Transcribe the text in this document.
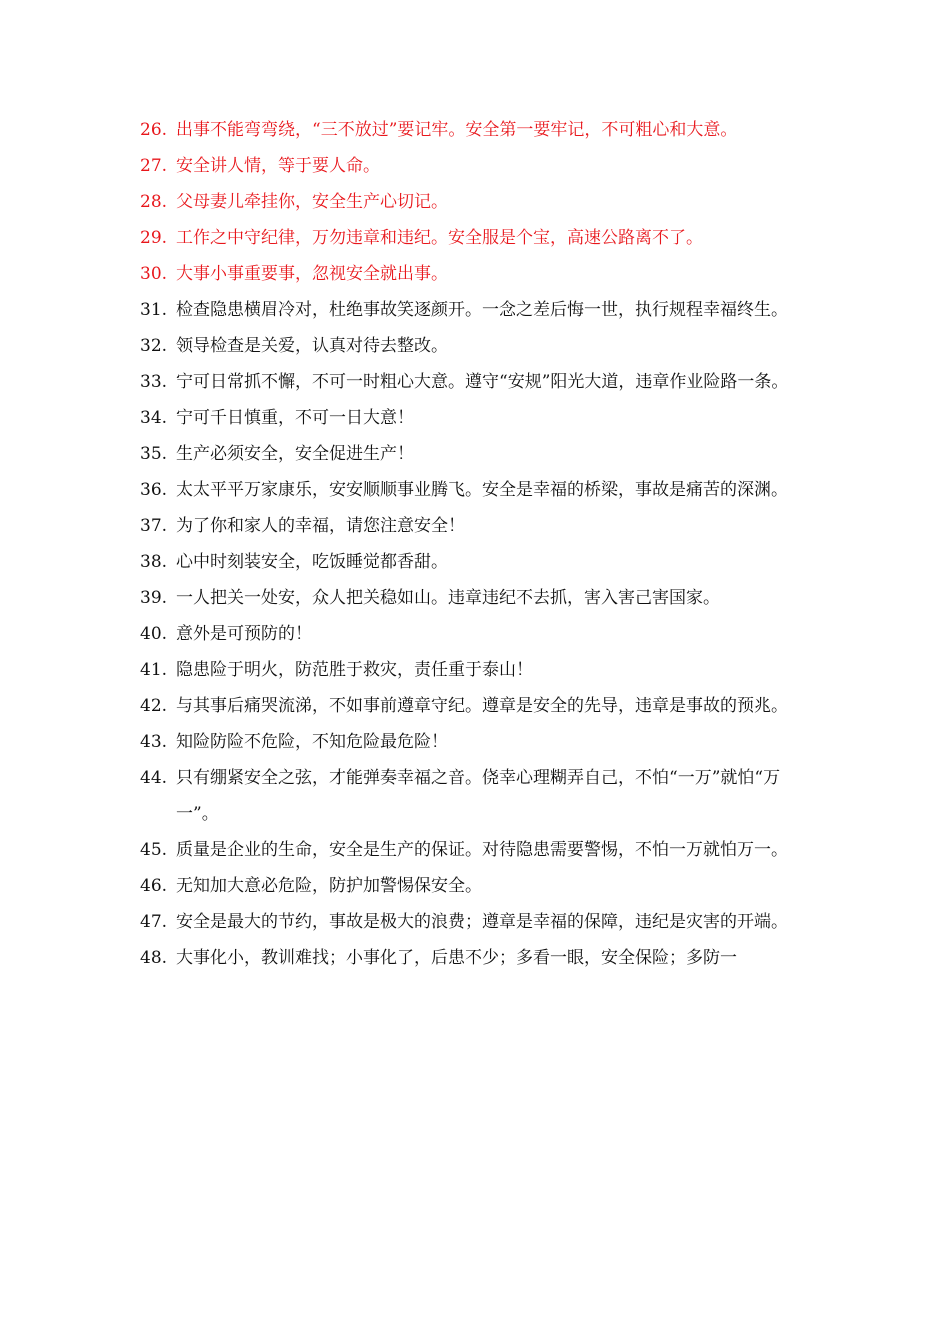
26. 出事不能弯弯绕，“三不放过”要记牢。安全第一要牢记，不可粗心和大意。
27. 安全讲人情，等于要人命。
28. 父母妻儿牵挂你，安全生产心切记。
29. 工作之中守纪律，万勿违章和违纪。安全服是个宝，高速公路离不了。
30. 大事小事重要事，忽视安全就出事。
31. 检查隐患横眉冷对，杜绝事故笑逐颜开。一念之差后悔一世，执行规程幸福终生。
32. 领导检查是关爱，认真对待去整改。
33. 宁可日常抓不懈，不可一时粗心大意。遵守“安规”阳光大道，违章作业险路一条。
34. 宁可千日慎重，不可一日大意！
35. 生产必须安全，安全促进生产！
36. 太太平平万家康乐，安安顺顺事业腾飞。安全是幸福的桥梁，事故是痛苦的深渊。
37. 为了你和家人的幸福，请您注意安全！
38. 心中时刻装安全，吃饭睡觉都香甜。
39. 一人把关一处安，众人把关稳如山。违章违纪不去抓，害入害己害国家。
40. 意外是可预防的！
41. 隐患险于明火，防范胜于救灾，责任重于泰山！
42. 与其事后痛哭流涕，不如事前遵章守纪。遵章是安全的先导，违章是事故的预兆。
43. 知险防险不危险，不知危险最危险！
44. 只有绷紧安全之弦，才能弹奏幸福之音。侥幸心理糊弄自己，不怕“一万”就怕“万一”。
45. 质量是企业的生命，安全是生产的保证。对待隐患需要警惕，不怕一万就怕万一。
46. 无知加大意必危险，防护加警惕保安全。
47. 安全是最大的节约，事故是极大的浪费；遵章是幸福的保障，违纪是灾害的开端。
48. 大事化小，教训难找；小事化了，后患不少；多看一眼，安全保险；多防一
